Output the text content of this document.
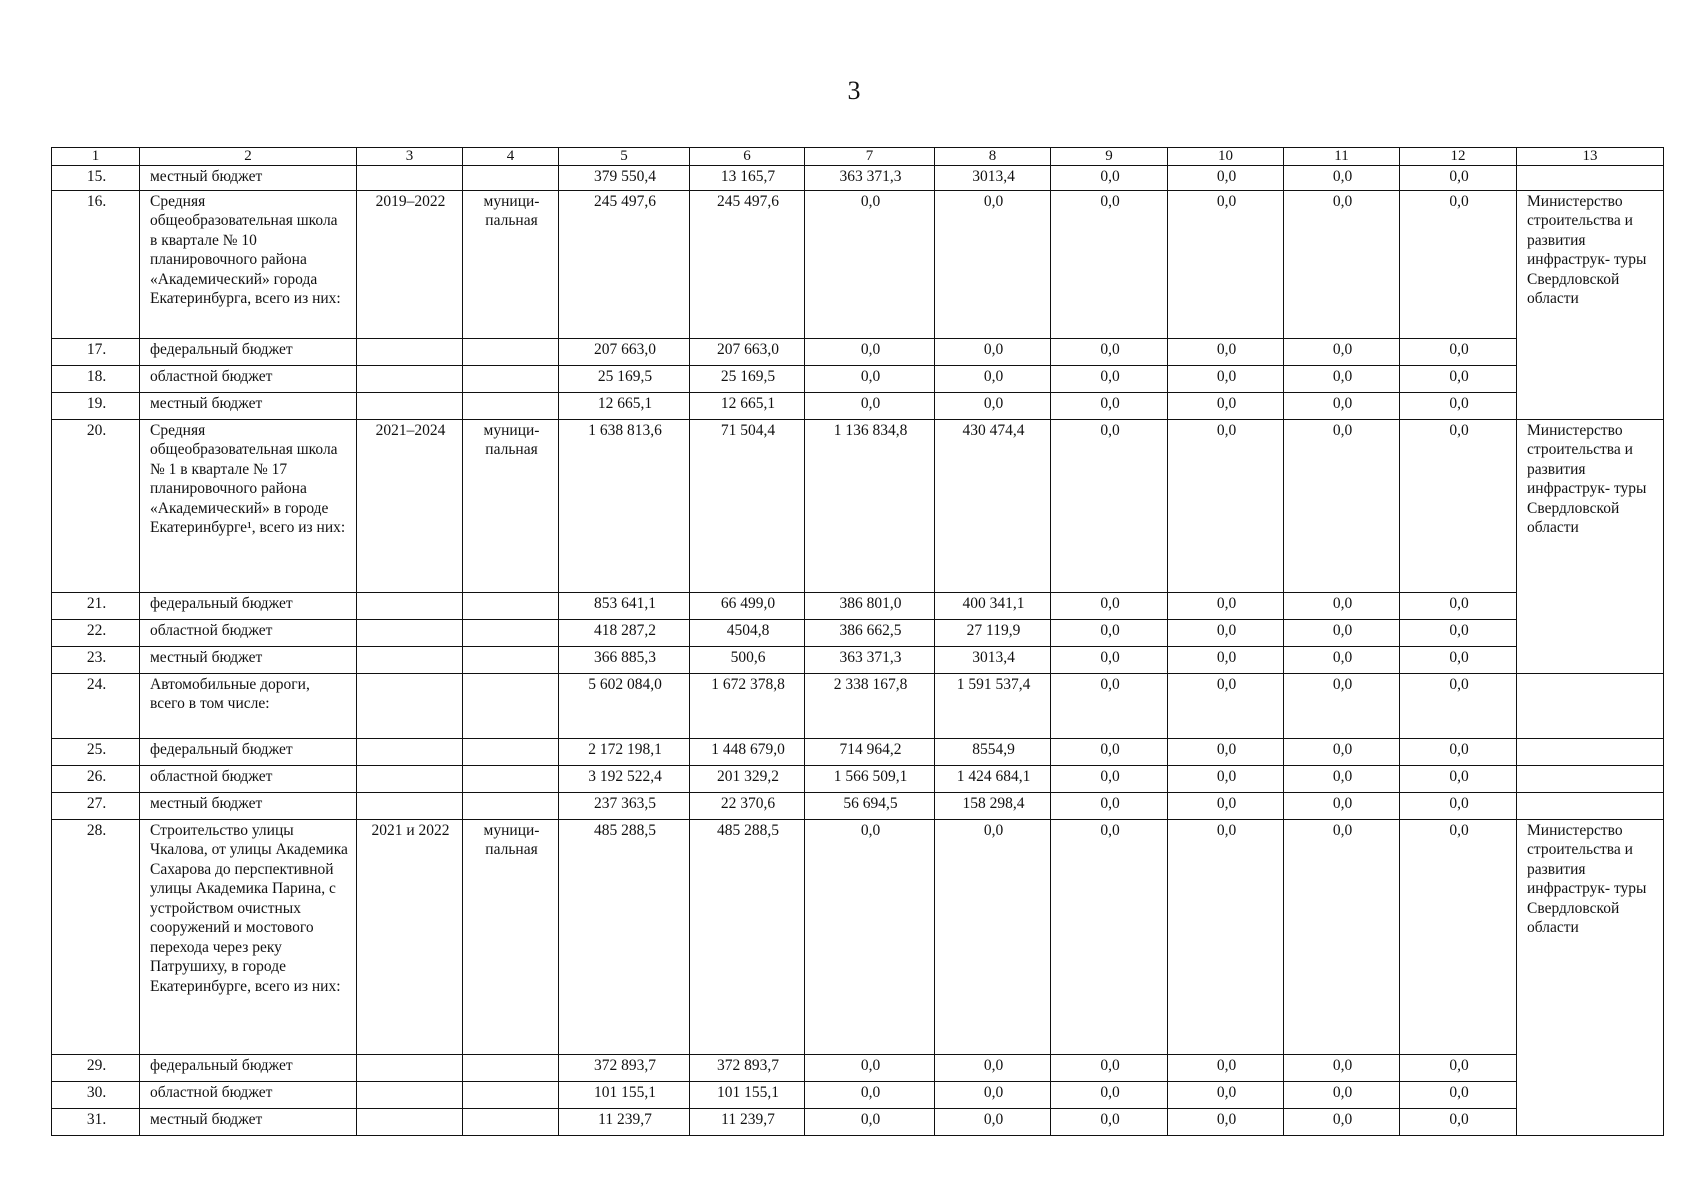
3
1	2	3	4	5	6	7	8	9	10	11	12	13
15.	местный бюджет			379 550,4	13 165,7	363 371,3	3013,4	0,0	0,0	0,0	0,0	
16.	Средняя общеобразовательная школа в квартале № 10 планировочного района «Академический» города Екатеринбурга, всего из них:	2019–2022	муници- пальная	245 497,6	245 497,6	0,0	0,0	0,0	0,0	0,0	0,0	Министерство строительства и развития инфраструк- туры Свердловской области
17.	федеральный бюджет			207 663,0	207 663,0	0,0	0,0	0,0	0,0	0,0	0,0	
18.	областной бюджет			25 169,5	25 169,5	0,0	0,0	0,0	0,0	0,0	0,0	
19.	местный бюджет			12 665,1	12 665,1	0,0	0,0	0,0	0,0	0,0	0,0	
20.	Средняя общеобразовательная школа № 1 в квартале № 17 планировочного района «Академический» в городе Екатеринбурге¹, всего из них:	2021–2024	муници- пальная	1 638 813,6	71 504,4	1 136 834,8	430 474,4	0,0	0,0	0,0	0,0	Министерство строительства и развития инфраструк- туры Свердловской области
21.	федеральный бюджет			853 641,1	66 499,0	386 801,0	400 341,1	0,0	0,0	0,0	0,0	
22.	областной бюджет			418 287,2	4504,8	386 662,5	27 119,9	0,0	0,0	0,0	0,0	
23.	местный бюджет			366 885,3	500,6	363 371,3	3013,4	0,0	0,0	0,0	0,0	
24.	Автомобильные дороги, всего в том числе:			5 602 084,0	1 672 378,8	2 338 167,8	1 591 537,4	0,0	0,0	0,0	0,0	
25.	федеральный бюджет			2 172 198,1	1 448 679,0	714 964,2	8554,9	0,0	0,0	0,0	0,0	
26.	областной бюджет			3 192 522,4	201 329,2	1 566 509,1	1 424 684,1	0,0	0,0	0,0	0,0	
27.	местный бюджет			237 363,5	22 370,6	56 694,5	158 298,4	0,0	0,0	0,0	0,0	
28.	Строительство улицы Чкалова, от улицы Академика Сахарова до перспективной улицы Академика Парина, с устройством очистных сооружений и мостового перехода через реку Патрушиху, в городе Екатеринбурге, всего из них:	2021 и 2022	муници- пальная	485 288,5	485 288,5	0,0	0,0	0,0	0,0	0,0	0,0	Министерство строительства и развития инфраструк- туры Свердловской области
29.	федеральный бюджет			372 893,7	372 893,7	0,0	0,0	0,0	0,0	0,0	0,0	
30.	областной бюджет			101 155,1	101 155,1	0,0	0,0	0,0	0,0	0,0	0,0	
31.	местный бюджет			11 239,7	11 239,7	0,0	0,0	0,0	0,0	0,0	0,0	
